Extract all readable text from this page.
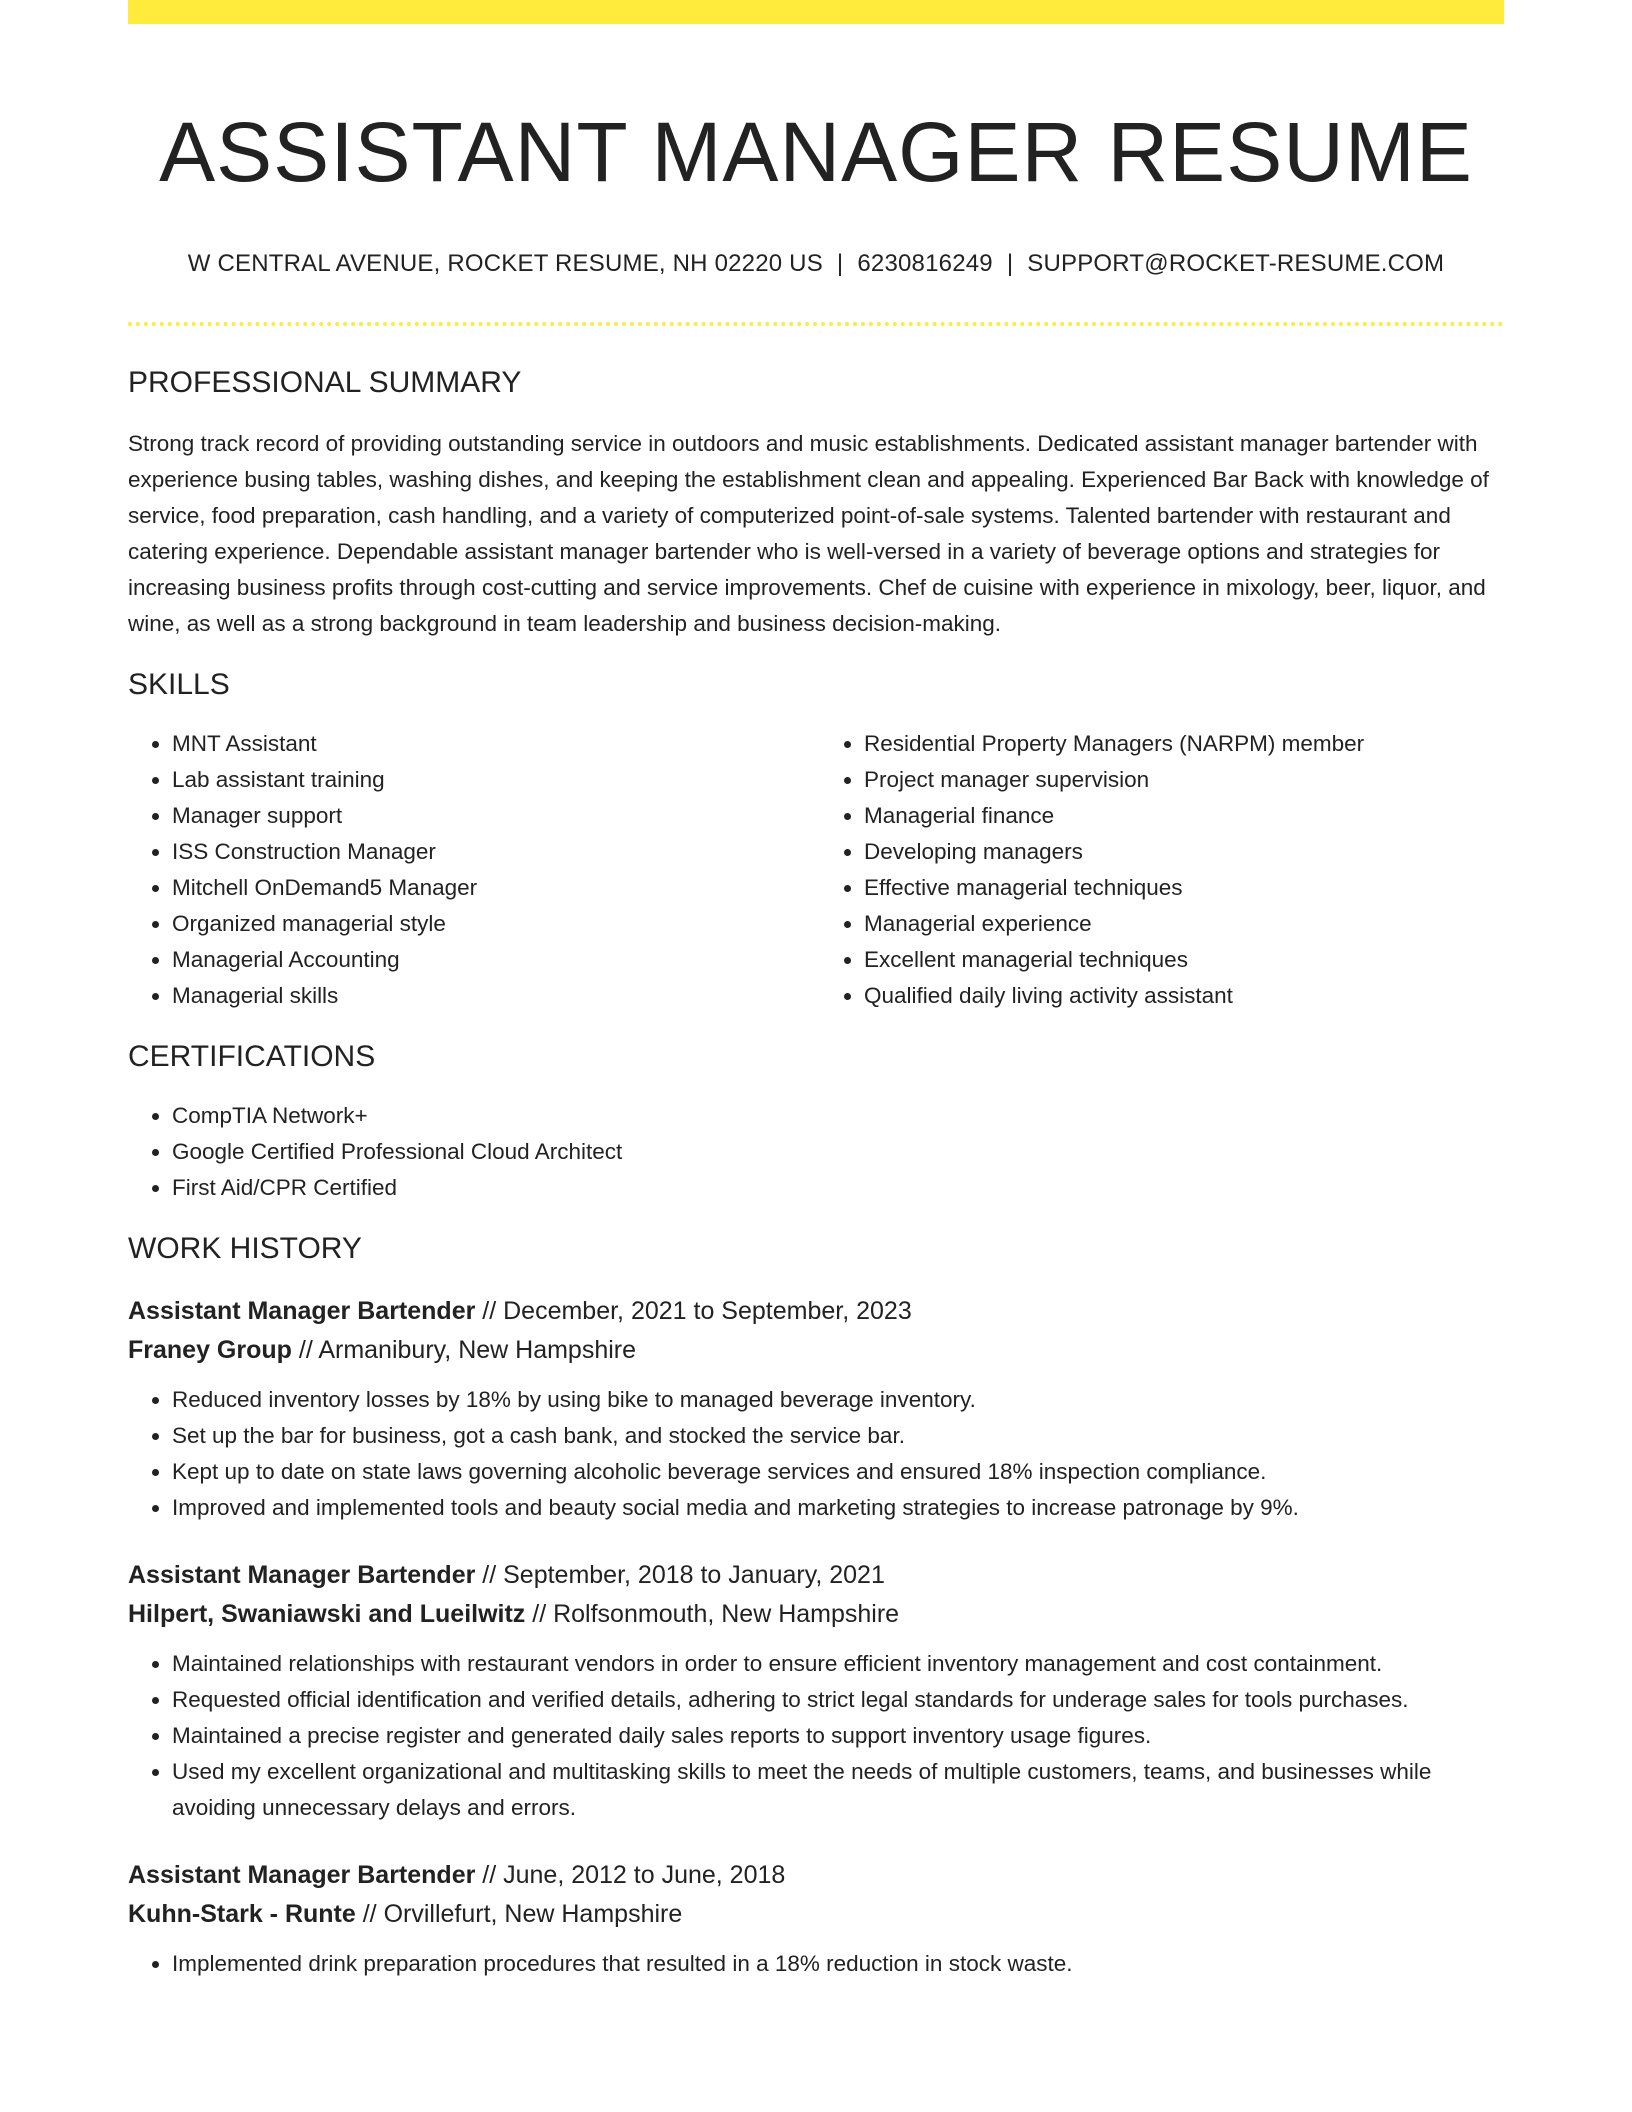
ASSISTANT MANAGER RESUME
W CENTRAL AVENUE, ROCKET RESUME, NH 02220 US | 6230816249 | SUPPORT@ROCKET-RESUME.COM
PROFESSIONAL SUMMARY

Strong track record of providing outstanding service in outdoors and music establishments. Dedicated assistant manager bartender with experience busing tables, washing dishes, and keeping the establishment clean and appealing. Experienced Bar Back with knowledge of service, food preparation, cash handling, and a variety of computerized point-of-sale systems. Talented bartender with restaurant and catering experience. Dependable assistant manager bartender who is well-versed in a variety of beverage options and strategies for increasing business profits through cost-cutting and service improvements. Chef de cuisine with experience in mixology, beer, liquor, and wine, as well as a strong background in team leadership and business decision-making.

SKILLS
• MNT Assistant
• Lab assistant training
• Manager support
• ISS Construction Manager
• Mitchell OnDemand5 Manager
• Organized managerial style
• Managerial Accounting
• Managerial skills
• Residential Property Managers (NARPM) member
• Project manager supervision
• Managerial finance
• Developing managers
• Effective managerial techniques
• Managerial experience
• Excellent managerial techniques
• Qualified daily living activity assistant
CERTIFICATIONS
• CompTIA Network+
• Google Certified Professional Cloud Architect
• First Aid/CPR Certified
WORK HISTORY
Assistant Manager Bartender // December, 2021 to September, 2023
Franey Group // Armanibury, New Hampshire
• Reduced inventory losses by 18% by using bike to managed beverage inventory.
• Set up the bar for business, got a cash bank, and stocked the service bar.
• Kept up to date on state laws governing alcoholic beverage services and ensured 18% inspection compliance.
• Improved and implemented tools and beauty social media and marketing strategies to increase patronage by 9%.
Assistant Manager Bartender // September, 2018 to January, 2021
Hilpert, Swaniawski and Lueilwitz // Rolfsonmouth, New Hampshire
• Maintained relationships with restaurant vendors in order to ensure efficient inventory management and cost containment.
• Requested official identification and verified details, adhering to strict legal standards for underage sales for tools purchases.
• Maintained a precise register and generated daily sales reports to support inventory usage figures.
• Used my excellent organizational and multitasking skills to meet the needs of multiple customers, teams, and businesses while avoiding unnecessary delays and errors.
Assistant Manager Bartender // June, 2012 to June, 2018
Kuhn-Stark - Runte // Orvillefurt, New Hampshire
• Implemented drink preparation procedures that resulted in a 18% reduction in stock waste.
